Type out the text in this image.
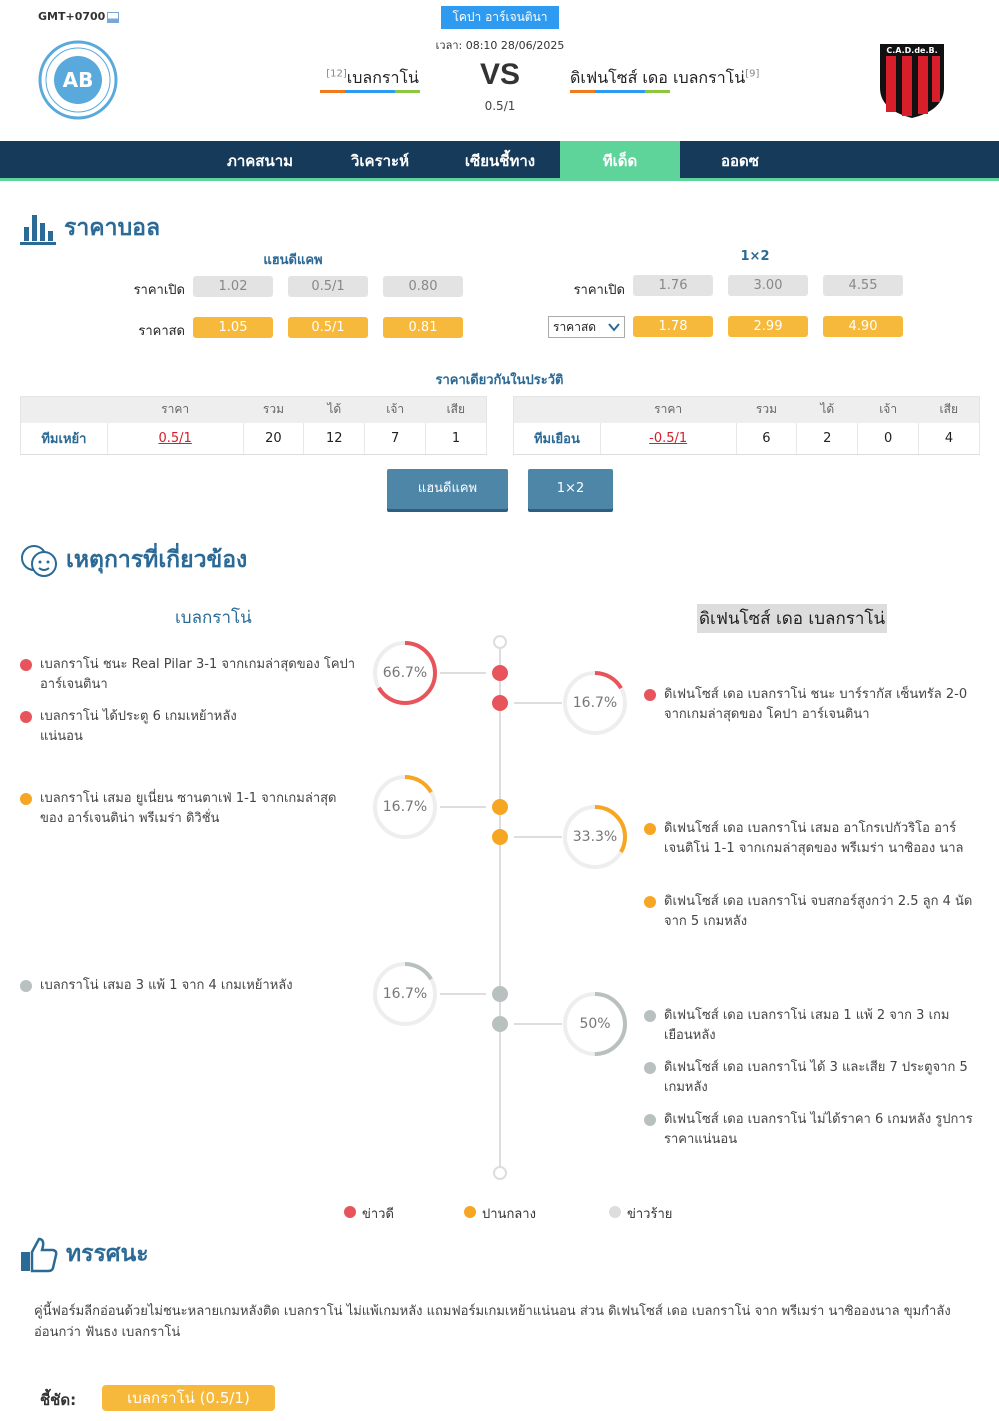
GMT+0700	โคปา อาร์เจนตินา
เวลา: 08:10 28/06/2025
AB
C.A.D.de.B.
[12]เบลกราโน่	VS
0.5/1
ดิเฟนโซส์ เดอ เบลกราโน่[9]
ภาคสนาม	วิเคราะห์	เซียนชี้ทาง	ทีเด็ด	ออดซ
ราคาบอล
แฮนดีแคพ	1×2
ราคาเปิด	1.02	0.5/1	0.80
ราคาสด	1.05	0.5/1	0.81
ราคาเปิด	1.76	3.00	4.55
ราคาสด	1.78	2.99	4.90
ราคาเดียวกันในประวัติ
	ราคา	รวม	ได้	เจ้า	เสีย
ทีมเหย้า	0.5/1	20	12	7	1
	ราคา	รวม	ได้	เจ้า	เสีย
ทีมเยือน	-0.5/1	6	2	0	4
แฮนดีแคพ	1×2
เหตุการที่เกี่ยวข้อง
เบลกราโน่	ดิเฟนโซส์ เดอ เบลกราโน่
66.7%
16.7%
16.7%
33.3%
16.7%
50%
เบลกราโน่ ชนะ Real Pilar 3-1 จากเกมล่าสุดของ โคปา อาร์เจนตินา
เบลกราโน่ ได้ประตู 6 เกมเหย้าหลัง แน่นอน
เบลกราโน่ เสมอ ยูเนี่ยน ซานตาเฟ่ 1-1 จากเกมล่าสุด ของ อาร์เจนติน่า พรีเมร่า ดิวิชั่น
เบลกราโน่ เสมอ 3 แพ้ 1 จาก 4 เกมเหย้าหลัง
ดิเฟนโซส์ เดอ เบลกราโน่ ชนะ บาร์รากัส เซ็นทรัล 2-0 จากเกมล่าสุดของ โคปา อาร์เจนตินา
ดิเฟนโซส์ เดอ เบลกราโน่ เสมอ อาโกรเปกัวริโอ อาร์เจนติโน่ 1-1 จากเกมล่าสุดของ พรีเมร่า นาซิออง นาล
ดิเฟนโซส์ เดอ เบลกราโน่ จบสกอร์สูงกว่า 2.5 ลูก 4 นัด จาก 5 เกมหลัง
ดิเฟนโซส์ เดอ เบลกราโน่ เสมอ 1 แพ้ 2 จาก 3 เกม เยือนหลัง
ดิเฟนโซส์ เดอ เบลกราโน่ ได้ 3 และเสีย 7 ประตูจาก 5 เกมหลัง
ดิเฟนโซส์ เดอ เบลกราโน่ ไม่ได้ราคา 6 เกมหลัง รูปการ ราคาแน่นอน
ข่าวดี	ปานกลาง	ข่าวร้าย
ทรรศนะ
คู่นี้ฟอร์มลีกอ่อนด้วยไม่ชนะหลายเกมหลังติด เบลกราโน่ ไม่แพ้เกมหลัง แถมฟอร์มเกมเหย้าแน่นอน ส่วน ดิเฟนโซส์ เดอ เบลกราโน่ จาก พรีเมร่า นาซิอองนาล ขุมกำลังอ่อนกว่า ฟันธง เบลกราโน่
ชี้ชัด:	เบลกราโน่ (0.5/1)
